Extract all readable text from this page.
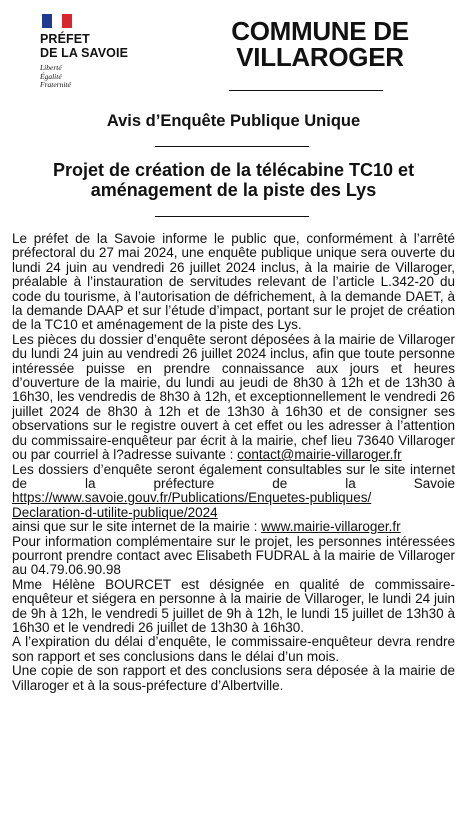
PRÉFET
DE LA SAVOIE
Liberté
Égalité
Fraternité
COMMUNE DE
VILLAROGER
Avis d’Enquête Publique Unique
Projet de création de la télécabine TC10 et
aménagement de la piste des Lys

Le préfet de la Savoie informe le public que, conformément à l’arrêté préfectoral du 27 mai 2024, une enquête publique unique sera ouverte du lundi 24 juin au vendredi 26 juillet 2024 inclus, à la mairie de Villaroger, préalable à l’instauration de servitudes relevant de l’article L.342-20 du code du tourisme, à l’autorisation de défrichement, à la demande DAET, à la demande DAAP et sur l’étude d’impact, portant sur le projet de création de la TC10 et aménagement de la piste des Lys.

Les pièces du dossier d’enquête seront déposées à la mairie de Villaroger du lundi 24 juin au vendredi 26 juillet 2024 inclus, afin que toute personne intéressée puisse en prendre connaissance aux jours et heures d’ouverture de la mairie, du lundi au jeudi de 8h30 à 12h et de 13h30 à 16h30, les vendredis de 8h30 à 12h, et exceptionnellement le vendredi 26 juillet 2024 de 8h30 à 12h et de 13h30 à 16h30 et de consigner ses observations sur le registre ouvert à cet effet ou les adresser à l’attention du commissaire-enquêteur par écrit à la mairie, chef lieu 73640 Villaroger ou par courriel à l?adresse suivante : contact@mairie-villaroger.fr

Les dossiers d’enquête seront également consultables sur le site internet de la préfecture de la Savoie https://www.savoie.gouv.fr/Publications/Enquetes-publiques/
Declaration-d-utilite-publique/2024

ainsi que sur le site internet de la mairie : www.mairie-villaroger.fr

Pour information complémentaire sur le projet, les personnes intéressées pourront prendre contact avec Elisabeth FUDRAL à la mairie de Villaroger au 04.79.06.90.98

Mme Hélène BOURCET est désignée en qualité de commissaire-enquêteur et siégera en personne à la mairie de Villaroger, le lundi 24 juin de 9h à 12h, le vendredi 5 juillet de 9h à 12h, le lundi 15 juillet de 13h30 à 16h30 et le vendredi 26 juillet de 13h30 à 16h30.

A l’expiration du délai d’enquête, le commissaire-enquêteur devra rendre son rapport et ses conclusions dans le délai d’un mois.

Une copie de son rapport et des conclusions sera déposée à la mairie de Villaroger et à la sous-préfecture d’Albertville.
